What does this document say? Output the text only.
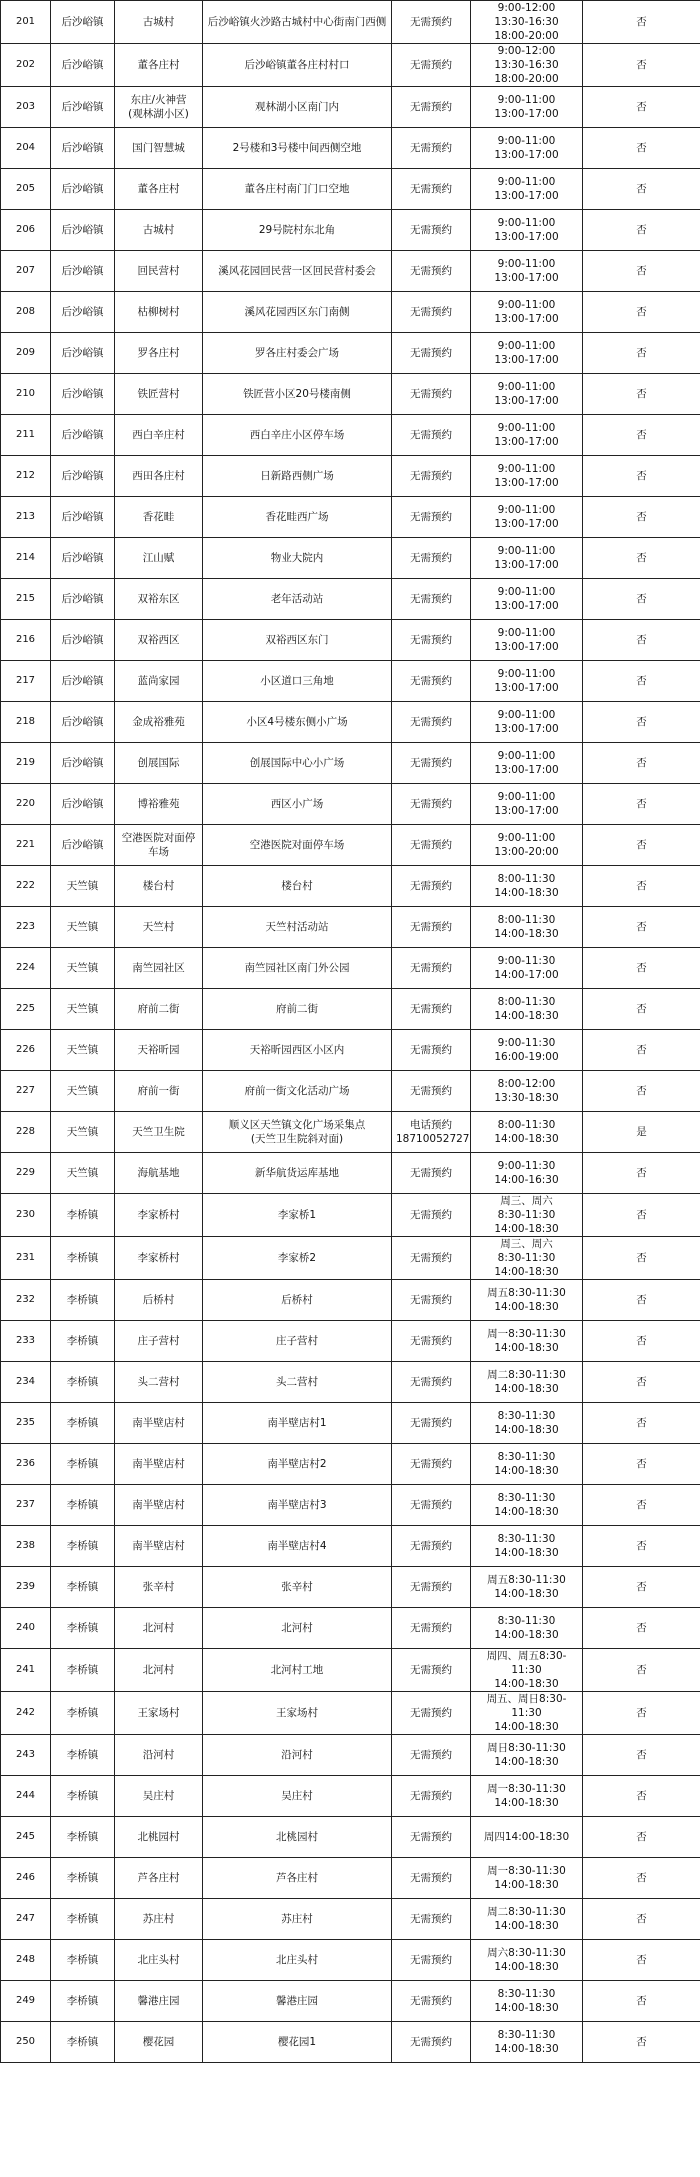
201	后沙峪镇	古城村	后沙峪镇火沙路古城村中心街南门西侧	无需预约	9:00-12:00
13:30-16:30
18:00-20:00	否
202	后沙峪镇	董各庄村	后沙峪镇董各庄村村口	无需预约	9:00-12:00
13:30-16:30
18:00-20:00	否
203	后沙峪镇	东庄/火神营
(观林湖小区)	观林湖小区南门内	无需预约	9:00-11:00
13:00-17:00	否
204	后沙峪镇	国门智慧城	2号楼和3号楼中间西侧空地	无需预约	9:00-11:00
13:00-17:00	否
205	后沙峪镇	董各庄村	董各庄村南门门口空地	无需预约	9:00-11:00
13:00-17:00	否
206	后沙峪镇	古城村	29号院村东北角	无需预约	9:00-11:00
13:00-17:00	否
207	后沙峪镇	回民营村	溪风花园回民营一区回民营村委会	无需预约	9:00-11:00
13:00-17:00	否
208	后沙峪镇	枯柳树村	溪风花园西区东门南侧	无需预约	9:00-11:00
13:00-17:00	否
209	后沙峪镇	罗各庄村	罗各庄村委会广场	无需预约	9:00-11:00
13:00-17:00	否
210	后沙峪镇	铁匠营村	铁匠营小区20号楼南侧	无需预约	9:00-11:00
13:00-17:00	否
211	后沙峪镇	西白辛庄村	西白辛庄小区停车场	无需预约	9:00-11:00
13:00-17:00	否
212	后沙峪镇	西田各庄村	日新路西侧广场	无需预约	9:00-11:00
13:00-17:00	否
213	后沙峪镇	香花畦	香花畦西广场	无需预约	9:00-11:00
13:00-17:00	否
214	后沙峪镇	江山赋	物业大院内	无需预约	9:00-11:00
13:00-17:00	否
215	后沙峪镇	双裕东区	老年活动站	无需预约	9:00-11:00
13:00-17:00	否
216	后沙峪镇	双裕西区	双裕西区东门	无需预约	9:00-11:00
13:00-17:00	否
217	后沙峪镇	蓝尚家园	小区道口三角地	无需预约	9:00-11:00
13:00-17:00	否
218	后沙峪镇	金成裕雅苑	小区4号楼东侧小广场	无需预约	9:00-11:00
13:00-17:00	否
219	后沙峪镇	创展国际	创展国际中心小广场	无需预约	9:00-11:00
13:00-17:00	否
220	后沙峪镇	博裕雅苑	西区小广场	无需预约	9:00-11:00
13:00-17:00	否
221	后沙峪镇	空港医院对面停车场	空港医院对面停车场	无需预约	9:00-11:00
13:00-20:00	否
222	天竺镇	楼台村	楼台村	无需预约	8:00-11:30
14:00-18:30	否
223	天竺镇	天竺村	天竺村活动站	无需预约	8:00-11:30
14:00-18:30	否
224	天竺镇	南竺园社区	南竺园社区南门外公园	无需预约	9:00-11:30
14:00-17:00	否
225	天竺镇	府前二街	府前二街	无需预约	8:00-11:30
14:00-18:30	否
226	天竺镇	天裕昕园	天裕昕园西区小区内	无需预约	9:00-11:30
16:00-19:00	否
227	天竺镇	府前一街	府前一街文化活动广场	无需预约	8:00-12:00
13:30-18:30	否
228	天竺镇	天竺卫生院	顺义区天竺镇文化广场采集点
(天竺卫生院斜对面)	电话预约
18710052727	8:00-11:30
14:00-18:30	是
229	天竺镇	海航基地	新华航货运库基地	无需预约	9:00-11:30
14:00-16:30	否
230	李桥镇	李家桥村	李家桥1	无需预约	周三、周六
8:30-11:30
14:00-18:30	否
231	李桥镇	李家桥村	李家桥2	无需预约	周三、周六
8:30-11:30
14:00-18:30	否
232	李桥镇	后桥村	后桥村	无需预约	周五8:30-11:30
14:00-18:30	否
233	李桥镇	庄子营村	庄子营村	无需预约	周一8:30-11:30
14:00-18:30	否
234	李桥镇	头二营村	头二营村	无需预约	周二8:30-11:30
14:00-18:30	否
235	李桥镇	南半壁店村	南半壁店村1	无需预约	8:30-11:30
14:00-18:30	否
236	李桥镇	南半壁店村	南半壁店村2	无需预约	8:30-11:30
14:00-18:30	否
237	李桥镇	南半壁店村	南半壁店村3	无需预约	8:30-11:30
14:00-18:30	否
238	李桥镇	南半壁店村	南半壁店村4	无需预约	8:30-11:30
14:00-18:30	否
239	李桥镇	张辛村	张辛村	无需预约	周五8:30-11:30
14:00-18:30	否
240	李桥镇	北河村	北河村	无需预约	8:30-11:30
14:00-18:30	否
241	李桥镇	北河村	北河村工地	无需预约	周四、周五8:30-11:30
14:00-18:30	否
242	李桥镇	王家场村	王家场村	无需预约	周五、周日8:30-11:30
14:00-18:30	否
243	李桥镇	沿河村	沿河村	无需预约	周日8:30-11:30
14:00-18:30	否
244	李桥镇	吴庄村	吴庄村	无需预约	周一8:30-11:30
14:00-18:30	否
245	李桥镇	北桃园村	北桃园村	无需预约	周四14:00-18:30	否
246	李桥镇	芦各庄村	芦各庄村	无需预约	周一8:30-11:30
14:00-18:30	否
247	李桥镇	苏庄村	苏庄村	无需预约	周二8:30-11:30
14:00-18:30	否
248	李桥镇	北庄头村	北庄头村	无需预约	周六8:30-11:30
14:00-18:30	否
249	李桥镇	馨港庄园	馨港庄园	无需预约	8:30-11:30
14:00-18:30	否
250	李桥镇	樱花园	樱花园1	无需预约	8:30-11:30
14:00-18:30	否
